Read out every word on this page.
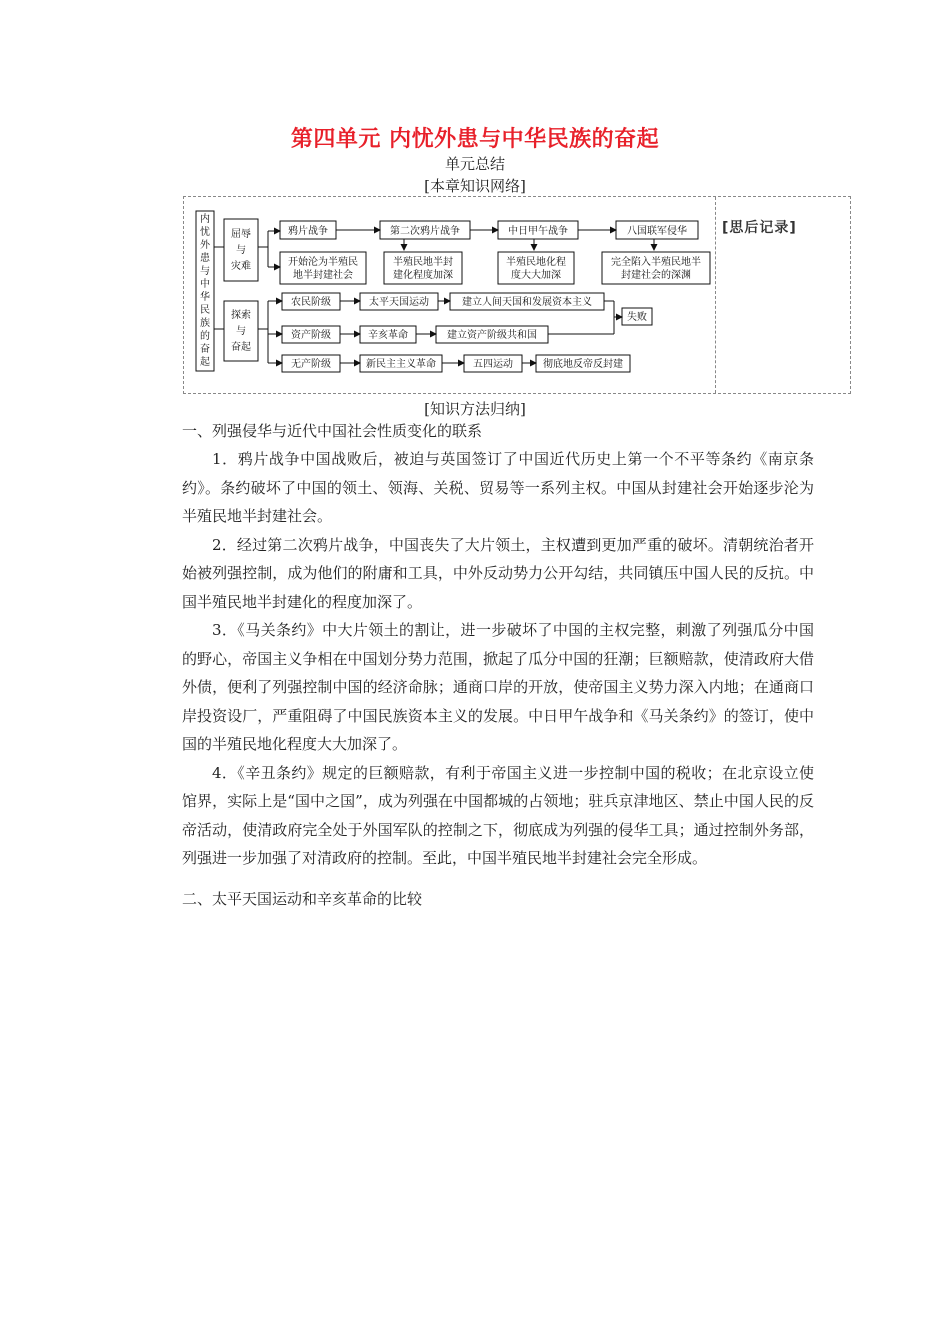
第四单元 内忧外患与中华民族的奋起
单元总结
[本章知识网络]
[思后记录]
内
忧
外
患
与
中
华
民
族
的
奋
起
屈辱
与
灾难
探索
与
奋起
鸦片战争	第二次鸦片战争	中日甲午战争	八国联军侵华
开始沦为半殖民
地半封建社会
半殖民地半封
建化程度加深
半殖民地化程
度大大加深
完全陷入半殖民地半
封建社会的深渊
农民阶级
资产阶级
无产阶级
太平天国运动	建立人间天国和发展资本主义
辛亥革命	建立资产阶级共和国
失败
新民主主义革命	五四运动	彻底地反帝反封建
[知识方法归纳]
一、列强侵华与近代中国社会性质变化的联系

1．鸦片战争中国战败后，被迫与英国签订了中国近代历史上第一个不平等条约《南京条约》。条约破坏了中国的领土、领海、关税、贸易等一系列主权。中国从封建社会开始逐步沦为半殖民地半封建社会。

2．经过第二次鸦片战争，中国丧失了大片领土，主权遭到更加严重的破坏。清朝统治者开始被列强控制，成为他们的附庸和工具，中外反动势力公开勾结，共同镇压中国人民的反抗。中国半殖民地半封建化的程度加深了。

3．《马关条约》中大片领土的割让，进一步破坏了中国的主权完整，刺激了列强瓜分中国的野心，帝国主义争相在中国划分势力范围，掀起了瓜分中国的狂潮；巨额赔款，使清政府大借外债，便利了列强控制中国的经济命脉；通商口岸的开放，使帝国主义势力深入内地；在通商口岸投资设厂，严重阻碍了中国民族资本主义的发展。中日甲午战争和《马关条约》的签订，使中国的半殖民地化程度大大加深了。

4．《辛丑条约》规定的巨额赔款，有利于帝国主义进一步控制中国的税收；在北京设立使馆界，实际上是“国中之国”，成为列强在中国都城的占领地；驻兵京津地区、禁止中国人民的反帝活动，使清政府完全处于外国军队的控制之下，彻底成为列强的侵华工具；通过控制外务部，列强进一步加强了对清政府的控制。至此，中国半殖民地半封建社会完全形成。

二、太平天国运动和辛亥革命的比较
